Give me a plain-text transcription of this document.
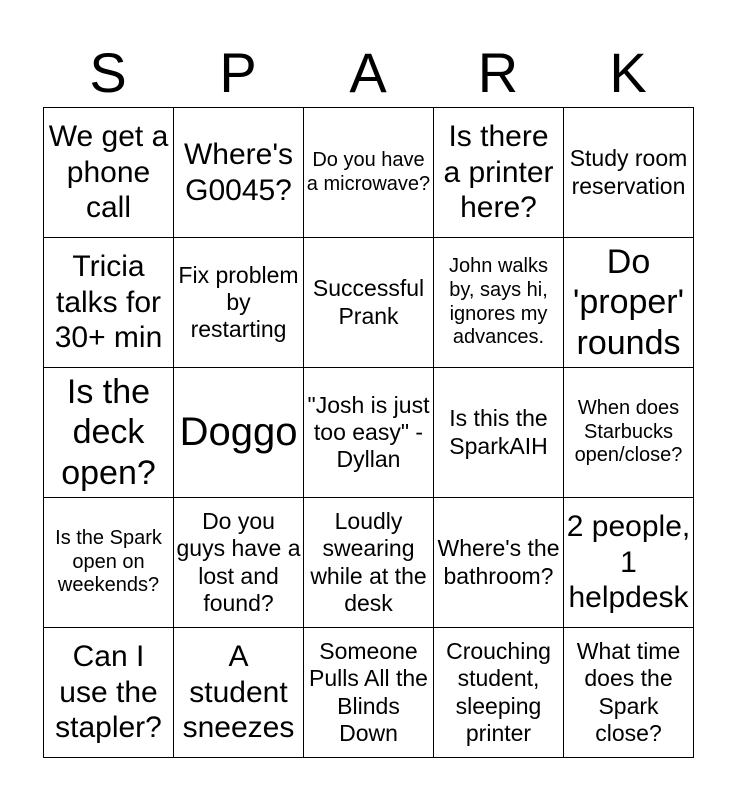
S	P	A	R	K
We get a phone call	Where's G0045?	Do you have a microwave?	Is there a printer here?	Study room reservation
Tricia talks for 30+ min	Fix problem by restarting	Successful Prank	John walks by, says hi, ignores my advances.	Do 'proper' rounds
Is the deck open?	Doggo	"Josh is just too easy" -Dyllan	Is this the SparkAIH	When does Starbucks open/close?
Is the Spark open on weekends?	Do you guys have a lost and found?	Loudly swearing while at the desk	Where's the bathroom?	2 people, 1 helpdesk
Can I use the stapler?	A student sneezes	Someone Pulls All the Blinds Down	Crouching student, sleeping printer	What time does the Spark close?
